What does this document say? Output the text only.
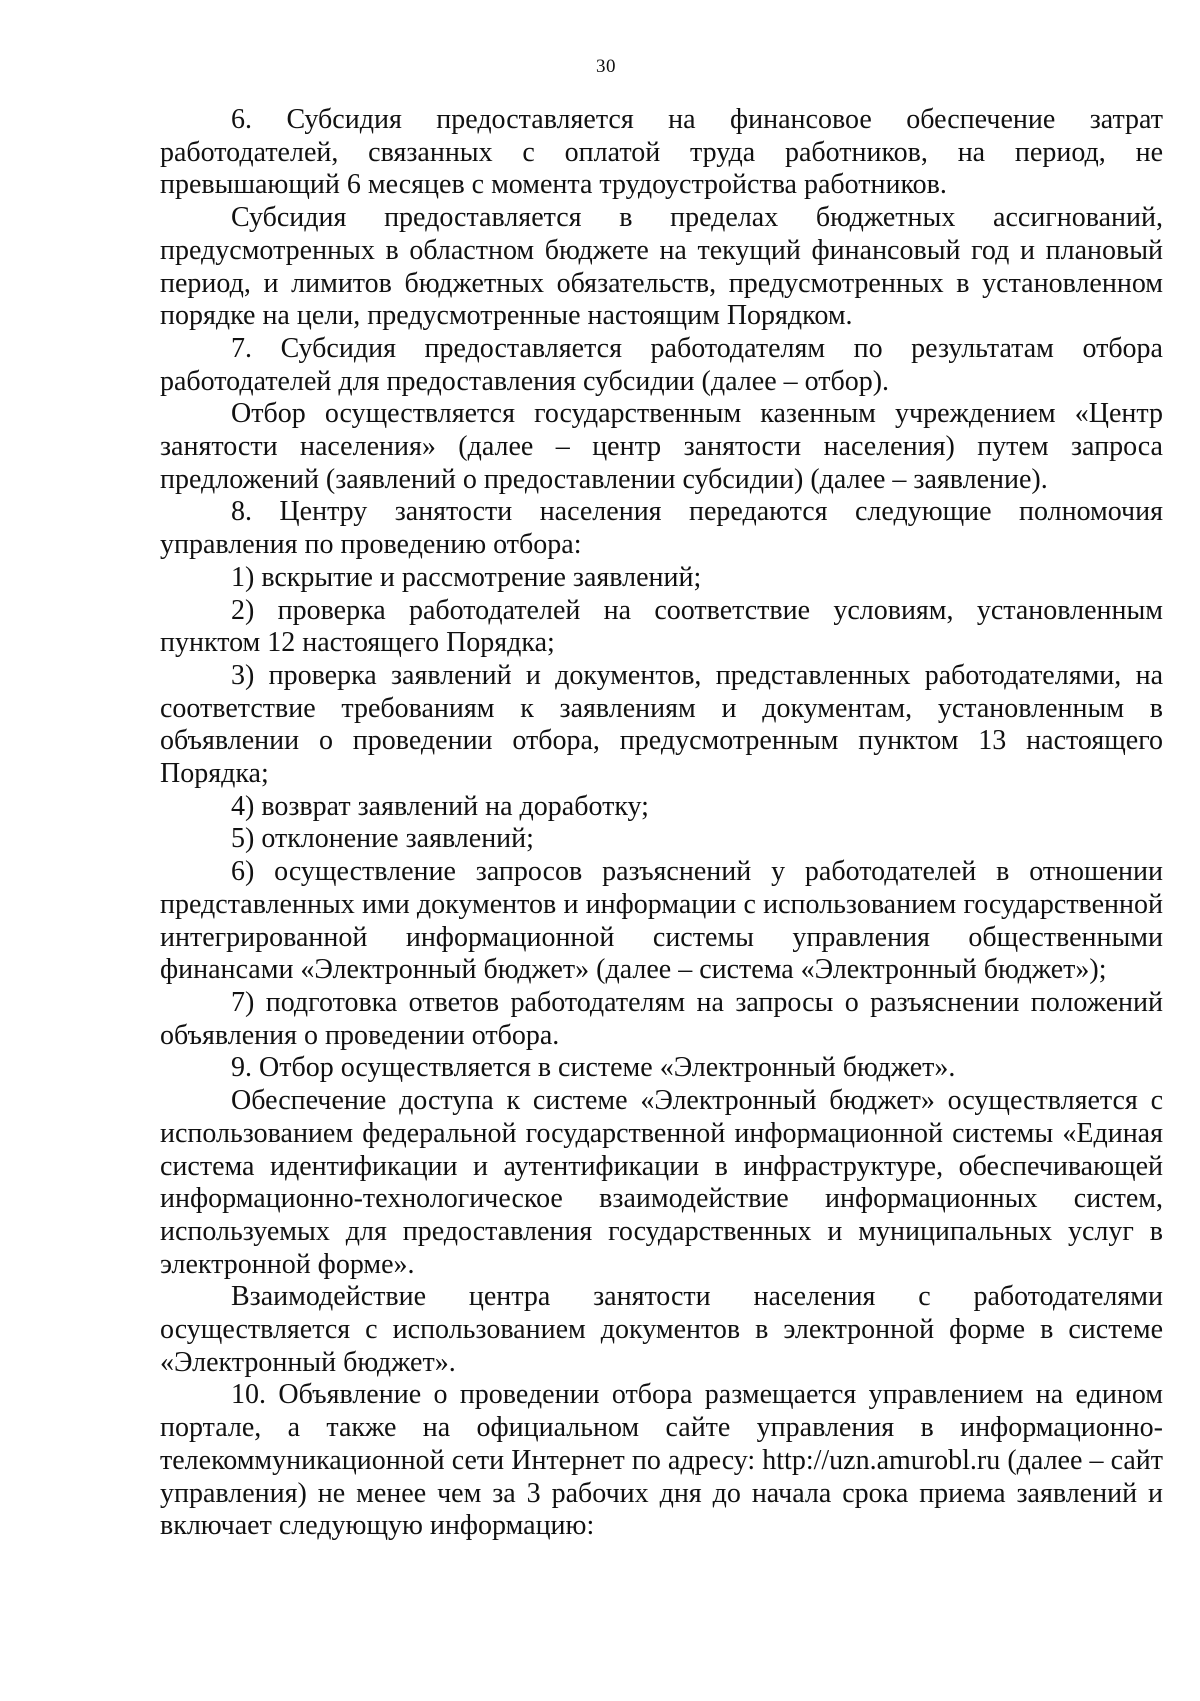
30

6. Субсидия предоставляется на финансовое обеспечение затрат работодателей, связанных с оплатой труда работников, на период, не превышающий 6 месяцев с момента трудоустройства работников.

Субсидия предоставляется в пределах бюджетных ассигнований, предусмотренных в областном бюджете на текущий финансовый год и плановый период, и лимитов бюджетных обязательств, предусмотренных в установленном порядке на цели, предусмотренные настоящим Порядком.

7. Субсидия предоставляется работодателям по результатам отбора работодателей для предоставления субсидии (далее – отбор).

Отбор осуществляется государственным казенным учреждением «Центр занятости населения» (далее – центр занятости населения) путем запроса предложений (заявлений о предоставлении субсидии) (далее – заявление).

8. Центру занятости населения передаются следующие полномочия управления по проведению отбора:

1) вскрытие и рассмотрение заявлений;

2) проверка работодателей на соответствие условиям, установленным пунктом 12 настоящего Порядка;

3) проверка заявлений и документов, представленных работодателями, на соответствие требованиям к заявлениям и документам, установленным в объявлении о проведении отбора, предусмотренным пунктом 13 настоящего Порядка;

4) возврат заявлений на доработку;

5) отклонение заявлений;

6) осуществление запросов разъяснений у работодателей в отношении представленных ими документов и информации с использованием государственной интегрированной информационной системы управления общественными финансами «Электронный бюджет» (далее – система «Электронный бюджет»);

7) подготовка ответов работодателям на запросы о разъяснении положений объявления о проведении отбора.

9. Отбор осуществляется в системе «Электронный бюджет».

Обеспечение доступа к системе «Электронный бюджет» осуществляется с использованием федеральной государственной информационной системы «Единая система идентификации и аутентификации в инфраструктуре, обеспечивающей информационно-технологическое взаимодействие информационных систем, используемых для предоставления государственных и муниципальных услуг в электронной форме».

Взаимодействие центра занятости населения с работодателями осуществляется с использованием документов в электронной форме в системе «Электронный бюджет».

10. Объявление о проведении отбора размещается управлением на едином портале, а также на официальном сайте управления в информационно-телекоммуникационной сети Интернет по адресу: http://uzn.amurobl.ru (далее – сайт управления) не менее чем за 3 рабочих дня до начала срока приема заявлений и включает следующую информацию:
